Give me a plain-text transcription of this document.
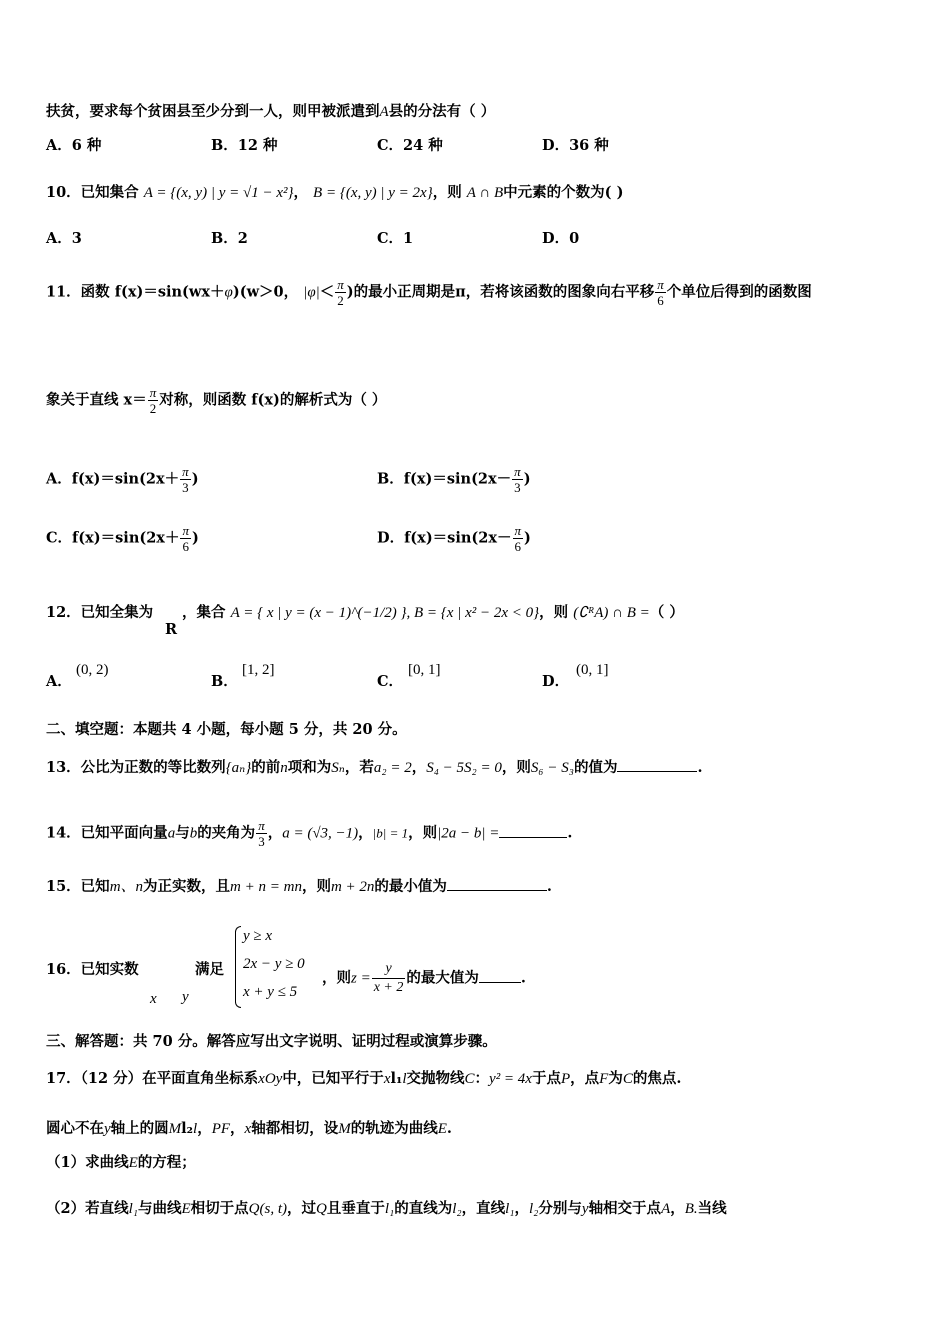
扶贫，要求每个贫困县至少分到一人，则甲被派遣到A县的分法有（ ）
A．6 种	B．12 种	C．24 种	D．36 种
10．已知集合 A = {(x, y) | y = √1 − x²}， B = {(x, y) | y = 2x}，则 A ∩ B中元素的个数为( )
A．3	B．2	C．1	D．0
11．函数 f(x)＝sin(wx＋φ)(w＞0， $|\varphi|< \frac{\pi}{2}$ )的最小正周期是π，若将该函数的图象向右平移 $\frac{\pi}{6}$ 个单位后得到的函数图
象关于直线 $x= \frac{\pi}{2}$ 对称，则函数 f(x)的解析式为（ ）
A．$f(x)=\sin(2x+ \frac{\pi}{3}$ )	B．$f(x)=\sin(2x- \frac{\pi}{3}$ )
C．$f(x)=\sin(2x+ \frac{\pi}{6}$ )	D．$f(x)=\sin(2x- \frac{\pi}{6}$ )
12．已知全集为
R
，集合 A = { x | y = (x − 1)^(−1/2) }, B = {x | x² − 2x < 0}，则 (∁ᴿA) ∩ B =（ ）
A．
(0, 2)
B．
[1, 2]
C．
[0, 1]
D．
(0, 1]
二、填空题：本题共 4 小题，每小题 5 分，共 20 分。
13．公比为正数的等比数列{aₙ}的前n项和为Sₙ，若a₂ = 2，S₄ − 5S₂ = 0，则S₆ − S₃的值为	.
14．已知平面向量a与b的夹角为 $\frac{\pi}{3}$ ，a = (√3, −1)，|b| = 1，则|2a − b| =	.
15．已知m、n为正实数，且m + n = mn，则m + 2n的最小值为	.
16．已知实数
x y
满足
y ≥ x
2x − y ≥ 0
x + y ≤ 5
，则$z = \frac{y}{x + 2}$ 的最大值为	.
三、解答题：共 70 分。解答应写出文字说明、证明过程或演算步骤。
17．（12 分）在平面直角坐标系xOy中，已知平行于xl₁l交抛物线C：y² = 4x于点P，点F为C的焦点.
圆心不在y轴上的圆Ml₂l，PF，x轴都相切，设M的轨迹为曲线E.
（1）求曲线E的方程；
（2）若直线l₁与曲线E相切于点Q(s, t)，过Q且垂直于l₁的直线为l₂，直线l₁，l₂分别与y轴相交于点A，B.当线
